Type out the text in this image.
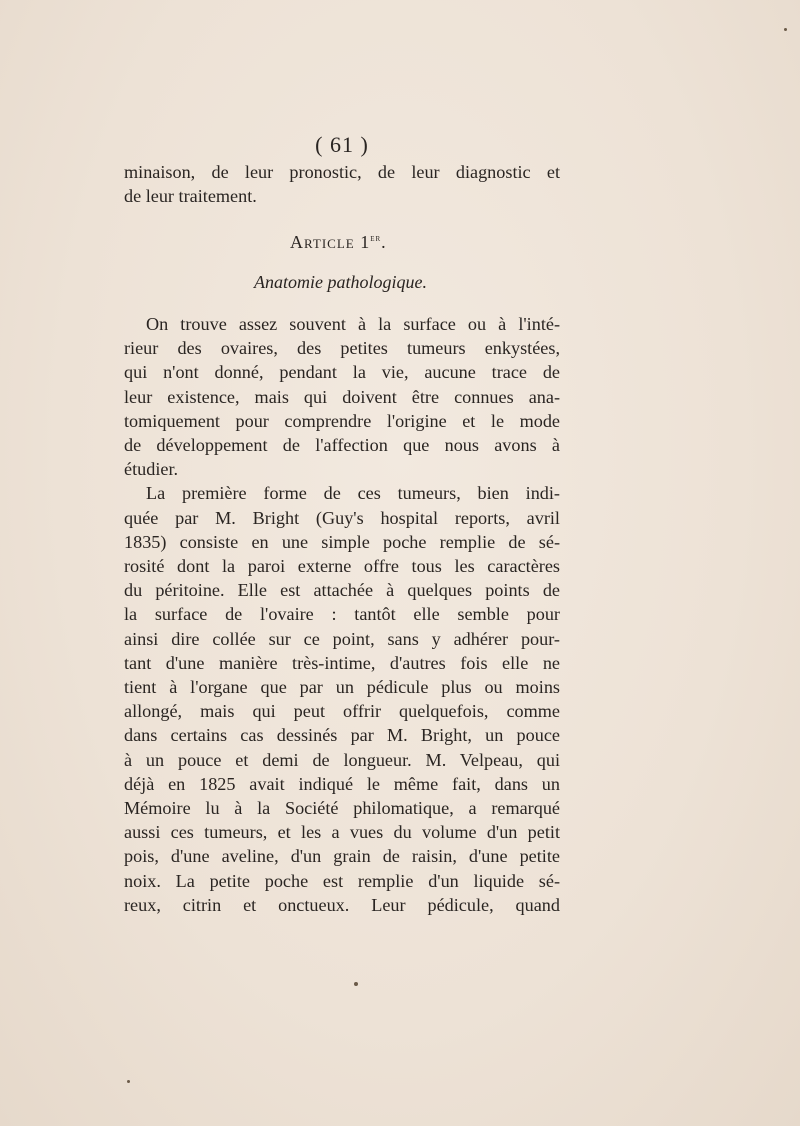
( 61 )
minaison, de leur pronostic, de leur diagnostic et
de leur traitement.
Article 1er.
Anatomie pathologique.
On trouve assez souvent à la surface ou à l'inté-
rieur des ovaires, des petites tumeurs enkystées,
qui n'ont donné, pendant la vie, aucune trace de
leur existence, mais qui doivent être connues ana-
tomiquement pour comprendre l'origine et le mode
de développement de l'affection que nous avons à
étudier.
La première forme de ces tumeurs, bien indi-
quée par M. Bright (Guy's hospital reports, avril
1835) consiste en une simple poche remplie de sé-
rosité dont la paroi externe offre tous les caractères
du péritoine. Elle est attachée à quelques points de
la surface de l'ovaire : tantôt elle semble pour
ainsi dire collée sur ce point, sans y adhérer pour-
tant d'une manière très-intime, d'autres fois elle ne
tient à l'organe que par un pédicule plus ou moins
allongé, mais qui peut offrir quelquefois, comme
dans certains cas dessinés par M. Bright, un pouce
à un pouce et demi de longueur. M. Velpeau, qui
déjà en 1825 avait indiqué le même fait, dans un
Mémoire lu à la Société philomatique, a remarqué
aussi ces tumeurs, et les a vues du volume d'un petit
pois, d'une aveline, d'un grain de raisin, d'une petite
noix. La petite poche est remplie d'un liquide sé-
reux, citrin et onctueux. Leur pédicule, quand
